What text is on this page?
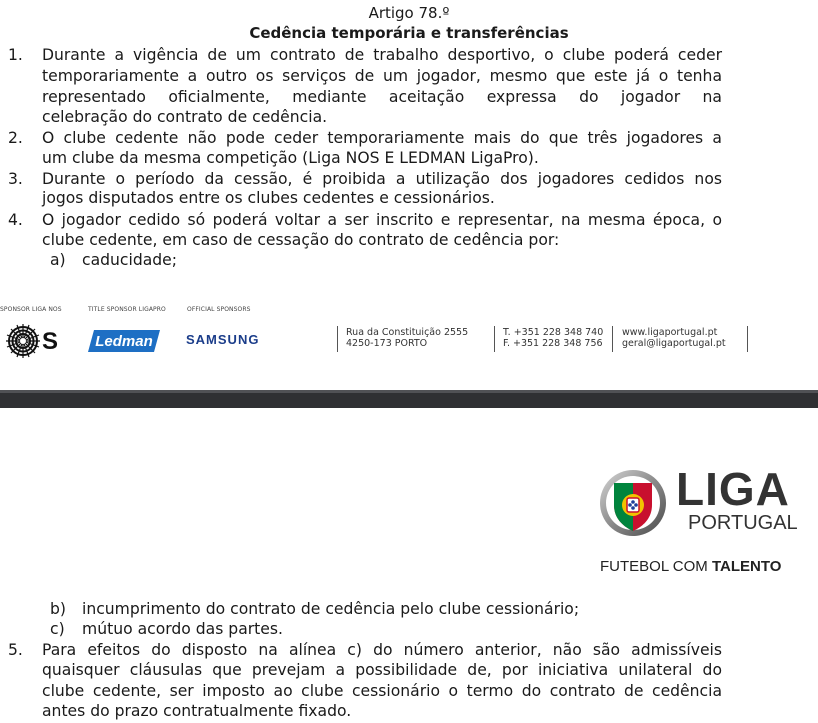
Artigo 78.º
Cedência temporária e transferências
1.	Durante a vigência de um contrato de trabalho desportivo, o clube poderá ceder
temporariamente a outro os serviços de um jogador, mesmo que este já o tenha
representado oficialmente, mediante aceitação expressa do jogador na
celebração do contrato de cedência.
2.	O clube cedente não pode ceder temporariamente mais do que três jogadores a
um clube da mesma competição (Liga NOS E LEDMAN LigaPro).
3.	Durante o período da cessão, é proibida a utilização dos jogadores cedidos nos
jogos disputados entre os clubes cedentes e cessionários.
4.	O jogador cedido só poderá voltar a ser inscrito e representar, na mesma época, o
clube cedente, em caso de cessação do contrato de cedência por:
a) caducidade;
SPONSOR LIGA NOS	TITLE SPONSOR LIGAPRO	OFFICIAL SPONSORS
S Ledman	SAMSUNG	Rua da Constituição 2555
4250-173 PORTO
T. +351 228 348 740
F. +351 228 348 756
www.ligaportugal.pt
geral@ligaportugal.pt
LIGA
PORTUGAL
FUTEBOL COM TALENTO
b) incumprimento do contrato de cedência pelo clube cessionário;
c) mútuo acordo das partes.
5.	Para efeitos do disposto na alínea c) do número anterior, não são admissíveis
quaisquer cláusulas que prevejam a possibilidade de, por iniciativa unilateral do
clube cedente, ser imposto ao clube cessionário o termo do contrato de cedência
antes do prazo contratualmente fixado.
